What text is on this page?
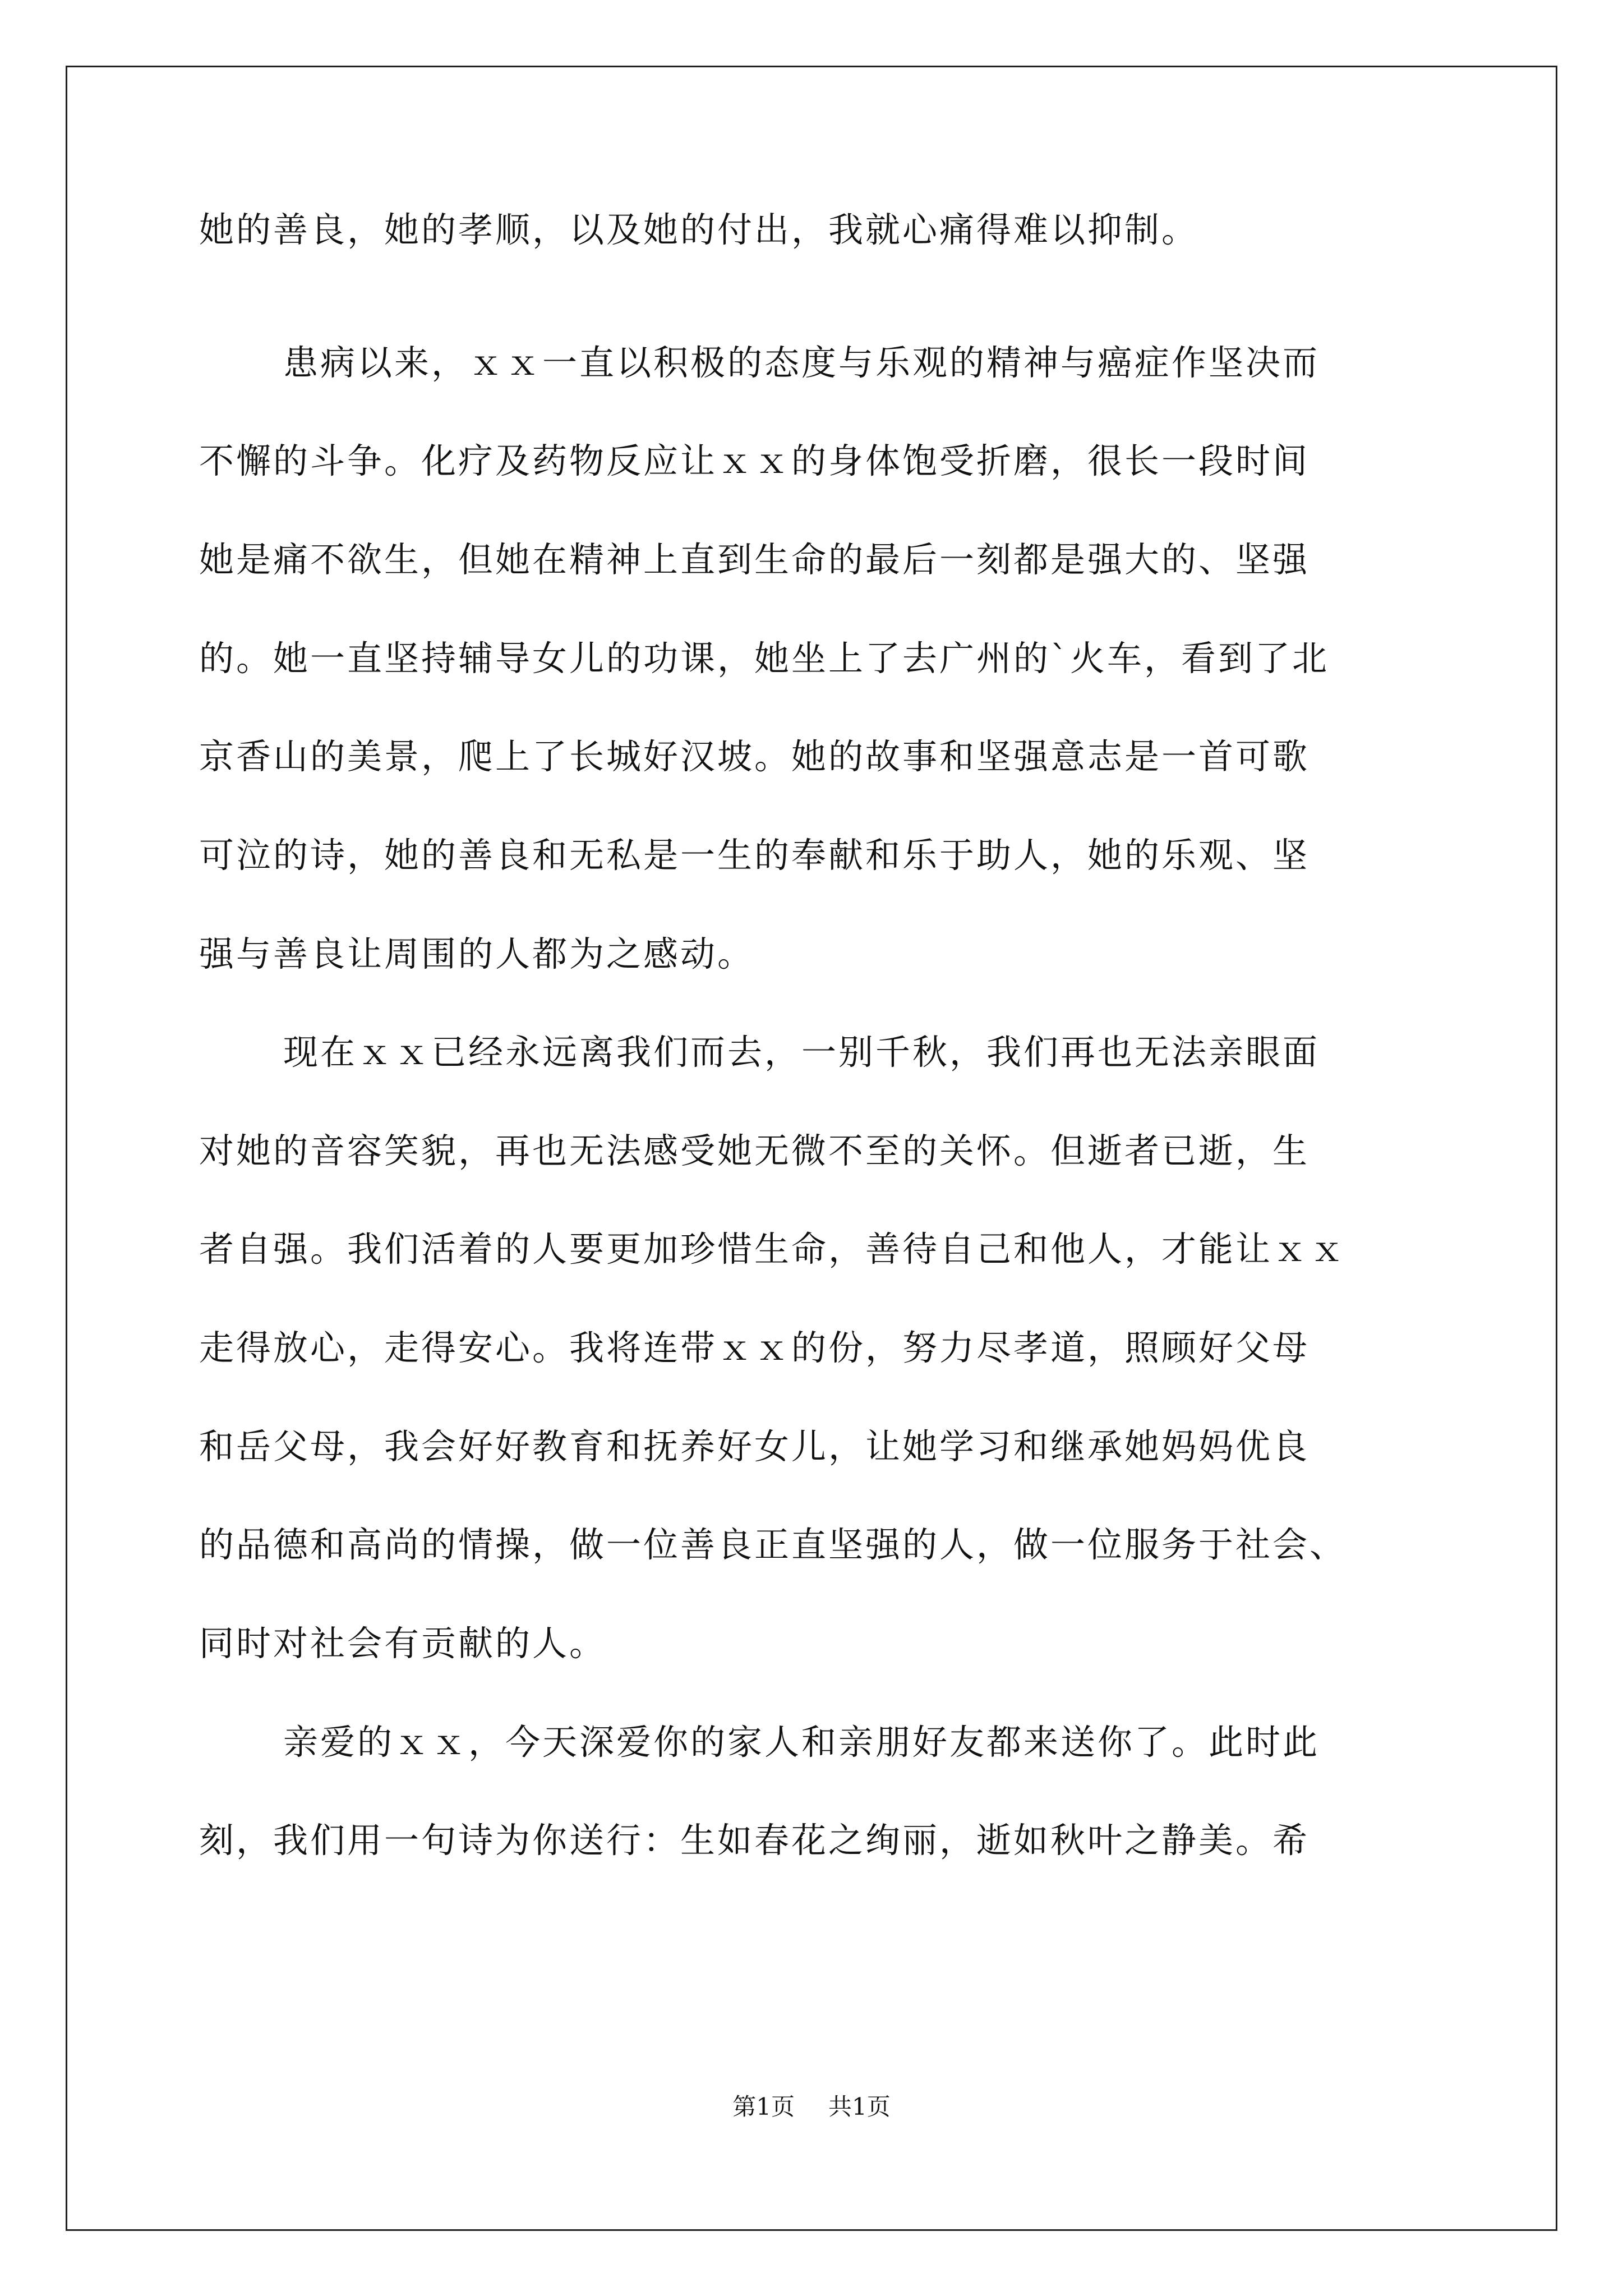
她的善良，她的孝顺，以及她的付出，我就心痛得难以抑制。
患病以来，ｘｘ一直以积极的态度与乐观的精神与癌症作坚决而
不懈的斗争。化疗及药物反应让ｘｘ的身体饱受折磨，很长一段时间
她是痛不欲生，但她在精神上直到生命的最后一刻都是强大的、坚强
的。她一直坚持辅导女儿的功课，她坐上了去广州的`火车，看到了北
京香山的美景，爬上了长城好汉坡。她的故事和坚强意志是一首可歌
可泣的诗，她的善良和无私是一生的奉献和乐于助人，她的乐观、坚
强与善良让周围的人都为之感动。
现在ｘｘ已经永远离我们而去，一别千秋，我们再也无法亲眼面
对她的音容笑貌，再也无法感受她无微不至的关怀。但逝者已逝，生
者自强。我们活着的人要更加珍惜生命，善待自己和他人，才能让ｘｘ
走得放心，走得安心。我将连带ｘｘ的份，努力尽孝道，照顾好父母
和岳父母，我会好好教育和抚养好女儿，让她学习和继承她妈妈优良
的品德和高尚的情操，做一位善良正直坚强的人，做一位服务于社会、
同时对社会有贡献的人。
亲爱的ｘｘ，今天深爱你的家人和亲朋好友都来送你了。此时此
刻，我们用一句诗为你送行：生如春花之绚丽，逝如秋叶之静美。希
第1页 共1页
